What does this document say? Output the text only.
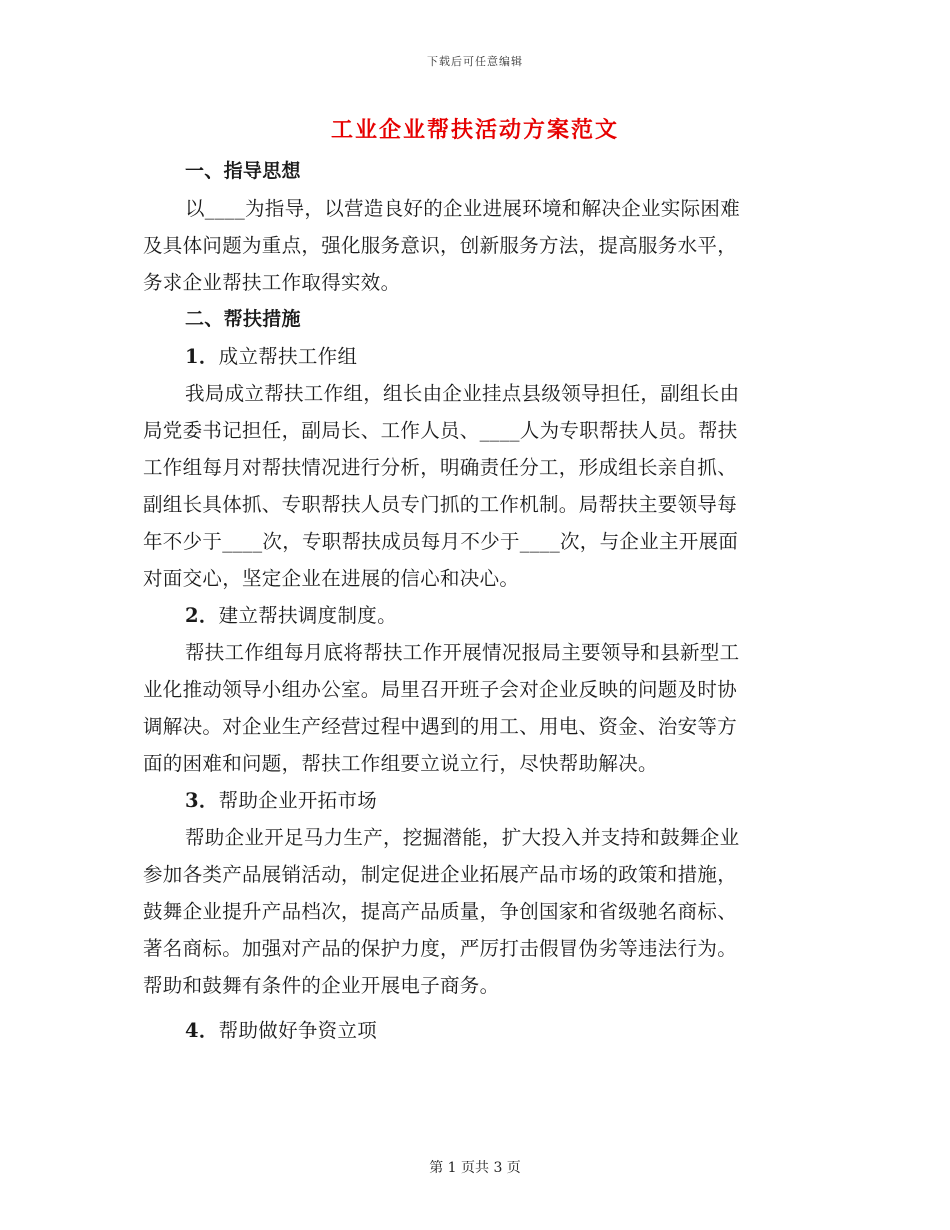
下载后可任意编辑
工业企业帮扶活动方案范文
一、指导思想
以____为指导，以营造良好的企业进展环境和解决企业实际困难
及具体问题为重点，强化服务意识，创新服务方法，提高服务水平，
务求企业帮扶工作取得实效。
二、帮扶措施
1．成立帮扶工作组
我局成立帮扶工作组，组长由企业挂点县级领导担任，副组长由
局党委书记担任，副局长、工作人员、____人为专职帮扶人员。帮扶
工作组每月对帮扶情况进行分析，明确责任分工，形成组长亲自抓、
副组长具体抓、专职帮扶人员专门抓的工作机制。局帮扶主要领导每
年不少于____次，专职帮扶成员每月不少于____次，与企业主开展面
对面交心，坚定企业在进展的信心和决心。
2．建立帮扶调度制度。
帮扶工作组每月底将帮扶工作开展情况报局主要领导和县新型工
业化推动领导小组办公室。局里召开班子会对企业反映的问题及时协
调解决。对企业生产经营过程中遇到的用工、用电、资金、治安等方
面的困难和问题，帮扶工作组要立说立行，尽快帮助解决。
3．帮助企业开拓市场
帮助企业开足马力生产，挖掘潜能，扩大投入并支持和鼓舞企业
参加各类产品展销活动，制定促进企业拓展产品市场的政策和措施，
鼓舞企业提升产品档次，提高产品质量，争创国家和省级驰名商标、
著名商标。加强对产品的保护力度，严厉打击假冒伪劣等违法行为。
帮助和鼓舞有条件的企业开展电子商务。
4．帮助做好争资立项
第 1 页共 3 页
